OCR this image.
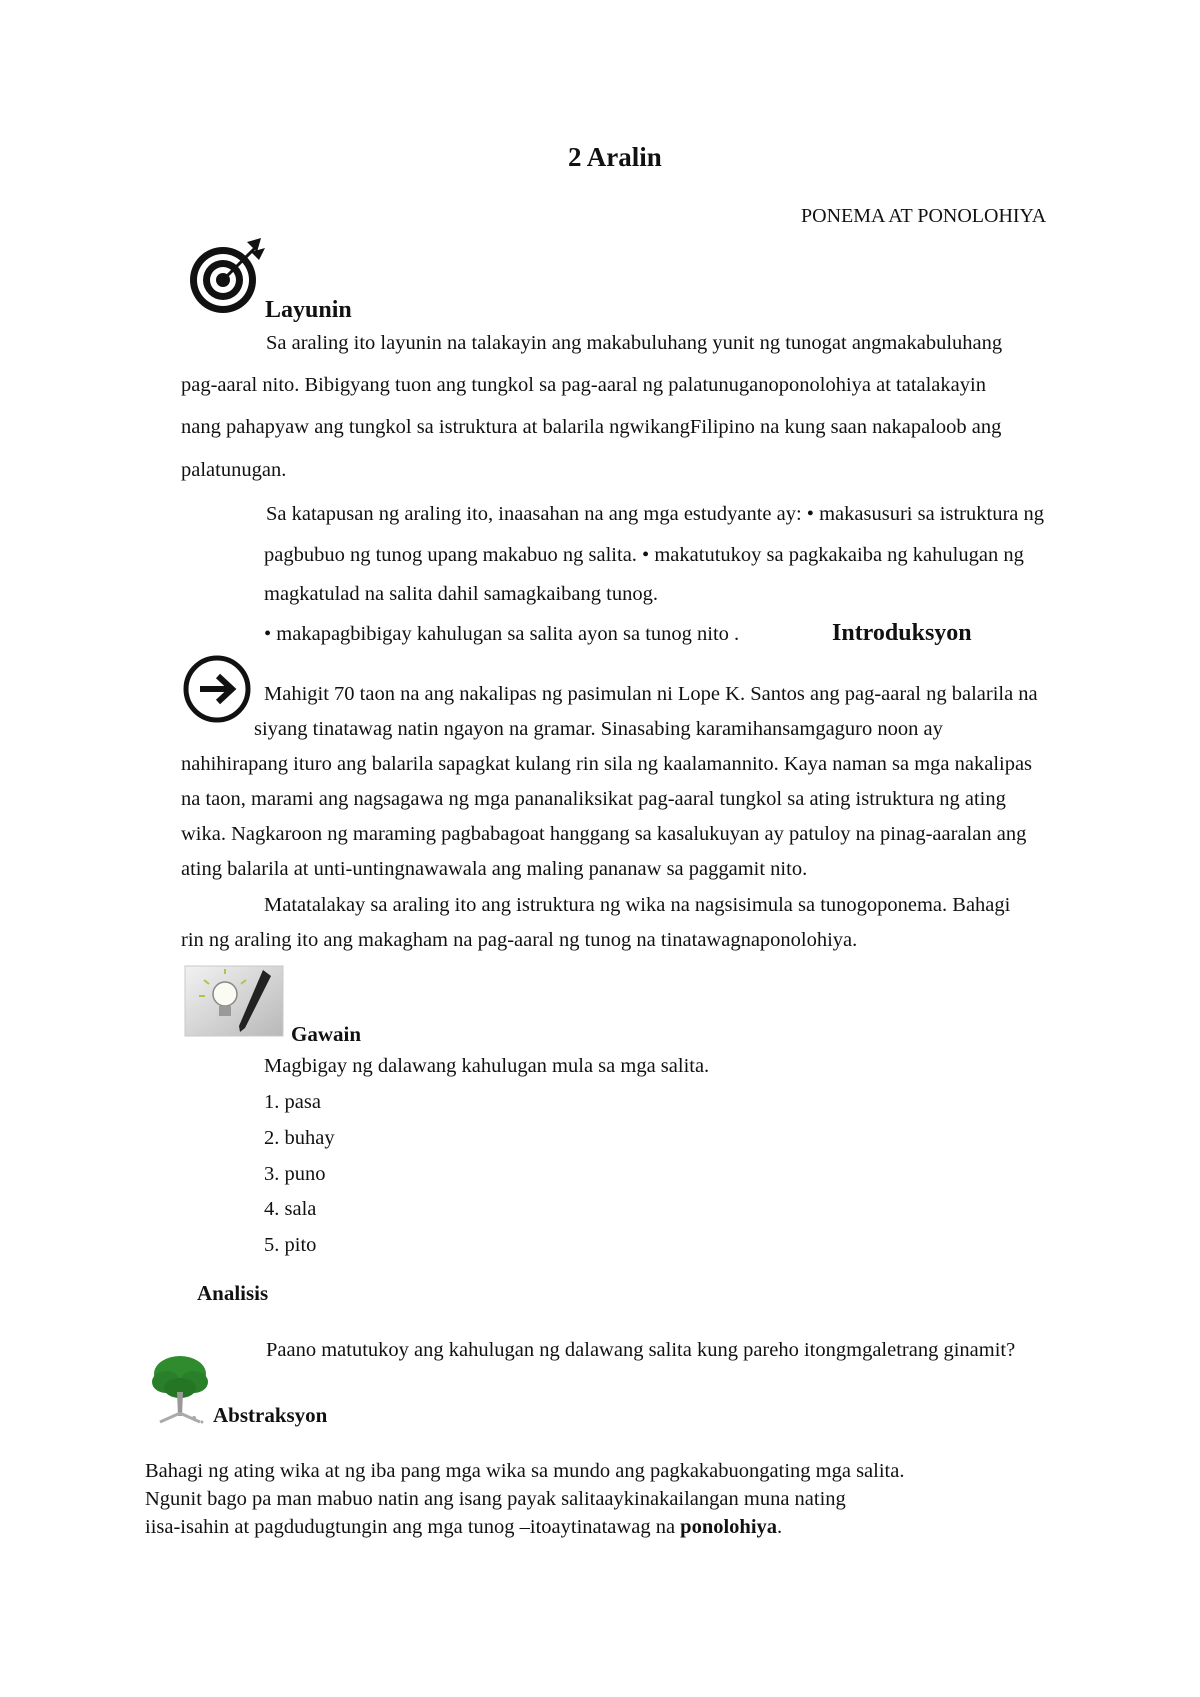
2 Aralin
PONEMA AT PONOLOHIYA
Layunin
Sa araling ito layunin na talakayin ang makabuluhang yunit ng tunogat angmakabuluhang
pag-aaral nito. Bibigyang tuon ang tungkol sa pag-aaral ng palatunuganoponolohiya at tatalakayin
nang pahapyaw ang tungkol sa istruktura at balarila ngwikangFilipino na kung saan nakapaloob ang
palatunugan.
Sa katapusan ng araling ito, inaasahan na ang mga estudyante ay: • makasusuri sa istruktura ng
pagbubuo ng tunog upang makabuo ng salita. • makatutukoy sa pagkakaiba ng kahulugan ng
magkatulad na salita dahil samagkaibang tunog.
• makapagbibigay kahulugan sa salita ayon sa tunog nito .	Introduksyon
Mahigit 70 taon na ang nakalipas ng pasimulan ni Lope K. Santos ang pag-aaral ng balarila na
siyang tinatawag natin ngayon na gramar. Sinasabing karamihansamgaguro noon ay
nahihirapang ituro ang balarila sapagkat kulang rin sila ng kaalamannito. Kaya naman sa mga nakalipas
na taon, marami ang nagsagawa ng mga pananaliksikat pag-aaral tungkol sa ating istruktura ng ating
wika. Nagkaroon ng maraming pagbabagoat hanggang sa kasalukuyan ay patuloy na pinag-aaralan ang
ating balarila at unti-untingnawawala ang maling pananaw sa paggamit nito.
Matatalakay sa araling ito ang istruktura ng wika na nagsisimula sa tunogoponema. Bahagi
rin ng araling ito ang makagham na pag-aaral ng tunog na tinatawagnaponolohiya.
Gawain
Magbigay ng dalawang kahulugan mula sa mga salita.
1. pasa
2. buhay
3. puno
4. sala
5. pito
Analisis
Paano matutukoy ang kahulugan ng dalawang salita kung pareho itongmgaletrang ginamit?
Abstraksyon
Bahagi ng ating wika at ng iba pang mga wika sa mundo ang pagkakabuongating mga salita.
Ngunit bago pa man mabuo natin ang isang payak salitaaykinakailangan muna nating
iisa-isahin at pagdudugtungin ang mga tunog –itoaytinatawag na ponolohiya.
